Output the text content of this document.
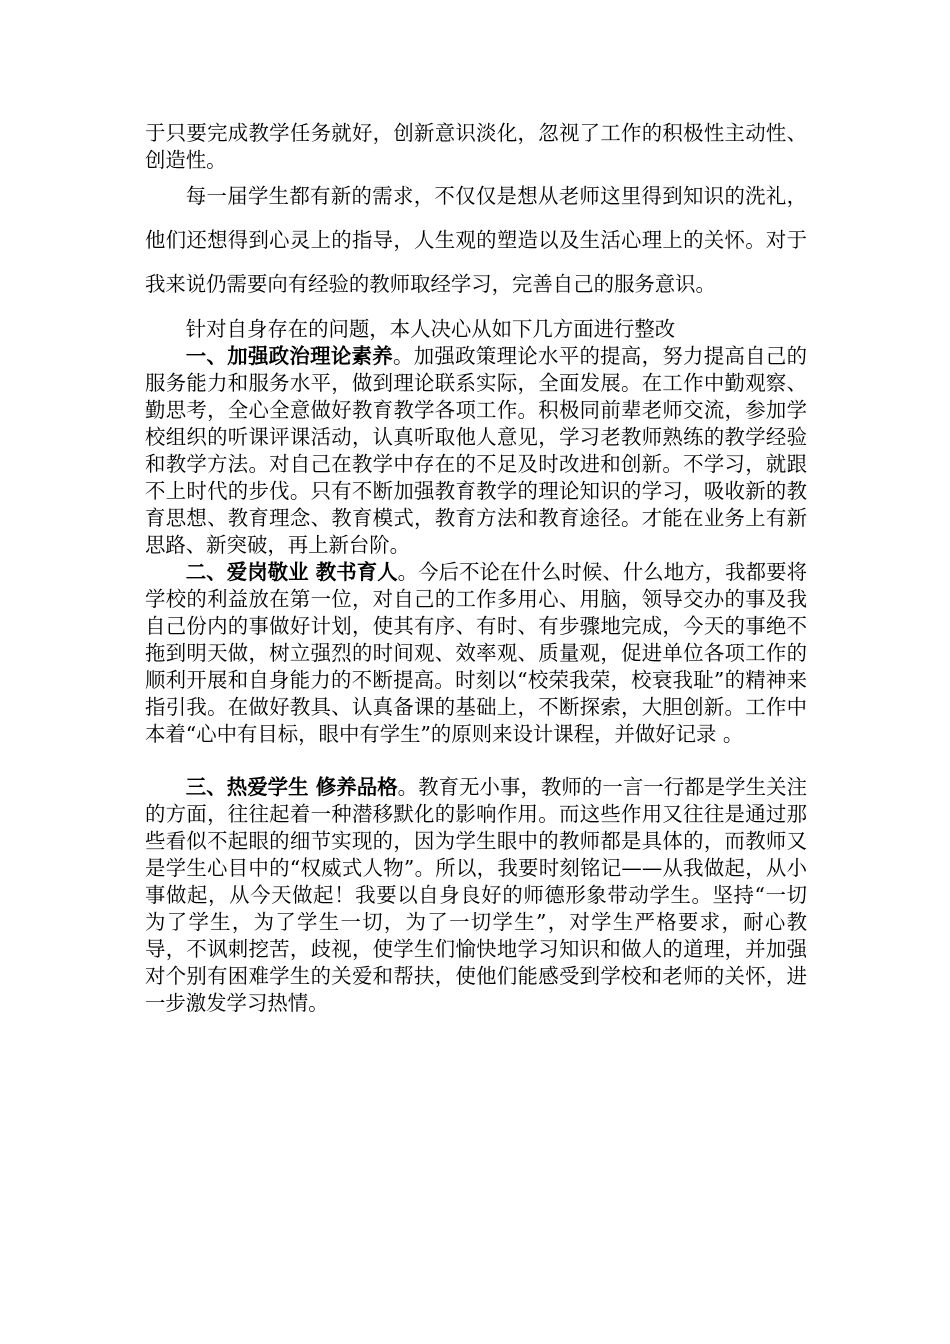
于只要完成教学任务就好，创新意识淡化，忽视了工作的积极性主动性、创造性。

每一届学生都有新的需求，不仅仅是想从老师这里得到知识的洗礼，他们还想得到心灵上的指导，人生观的塑造以及生活心理上的关怀。对于我来说仍需要向有经验的教师取经学习，完善自己的服务意识。

针对自身存在的问题，本人决心从如下几方面进行整改

一、加强政治理论素养。加强政策理论水平的提高，努力提高自己的服务能力和服务水平，做到理论联系实际，全面发展。在工作中勤观察、勤思考，全心全意做好教育教学各项工作。积极同前辈老师交流，参加学校组织的听课评课活动，认真听取他人意见，学习老教师熟练的教学经验和教学方法。对自己在教学中存在的不足及时改进和创新。不学习，就跟不上时代的步伐。只有不断加强教育教学的理论知识的学习，吸收新的教育思想、教育理念、教育模式，教育方法和教育途径。才能在业务上有新思路、新突破，再上新台阶。

二、爱岗敬业 教书育人。今后不论在什么时候、什么地方，我都要将学校的利益放在第一位，对自己的工作多用心、用脑，领导交办的事及我自己份内的事做好计划，使其有序、有时、有步骤地完成，今天的事绝不拖到明天做，树立强烈的时间观、效率观、质量观，促进单位各项工作的顺利开展和自身能力的不断提高。时刻以“校荣我荣，校衰我耻”的精神来指引我。在做好教具、认真备课的基础上，不断探索，大胆创新。工作中本着“心中有目标，眼中有学生”的原则来设计课程，并做好记录 。

三、热爱学生 修养品格。教育无小事，教师的一言一行都是学生关注的方面，往往起着一种潜移默化的影响作用。而这些作用又往往是通过那些看似不起眼的细节实现的，因为学生眼中的教师都是具体的，而教师又是学生心目中的“权威式人物”。所以，我要时刻铭记——从我做起，从小事做起，从今天做起！我要以自身良好的师德形象带动学生。坚持“一切为了学生，为了学生一切，为了一切学生”，对学生严格要求，耐心教导，不讽刺挖苦，歧视，使学生们愉快地学习知识和做人的道理，并加强对个别有困难学生的关爱和帮扶，使他们能感受到学校和老师的关怀，进一步激发学习热情。
